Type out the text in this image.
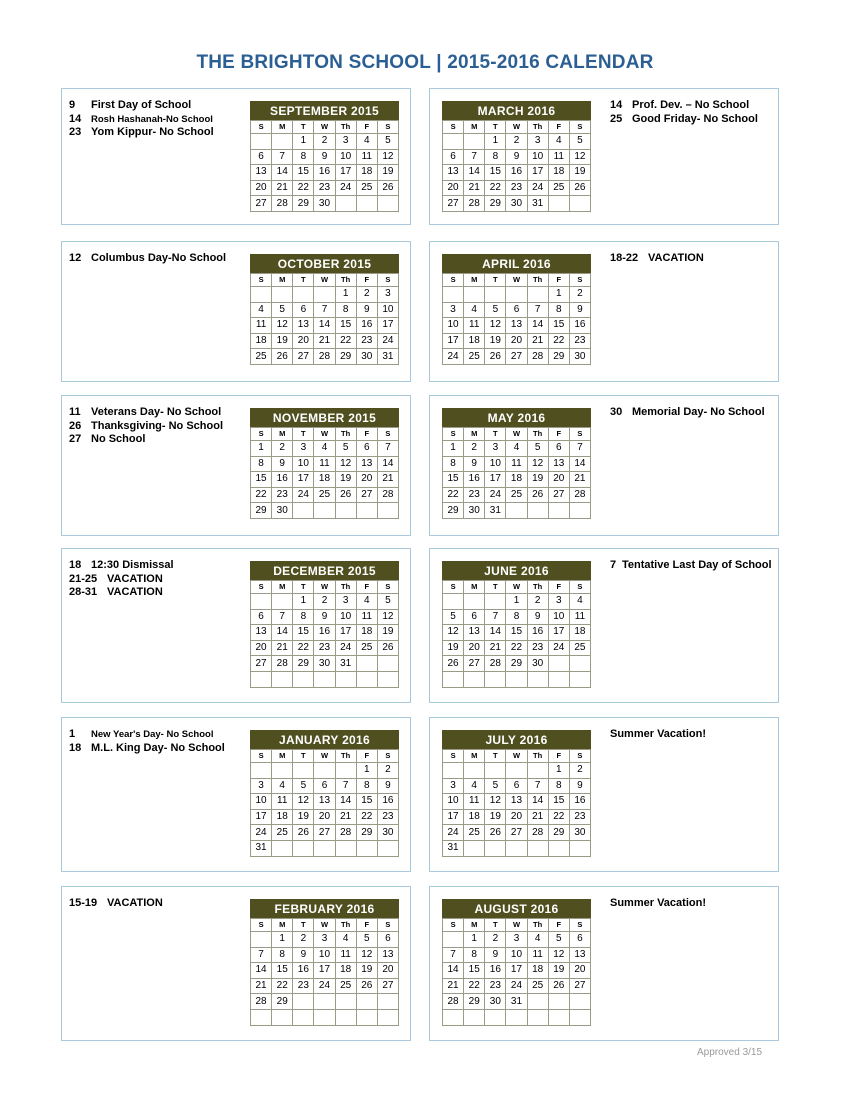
THE BRIGHTON SCHOOL | 2015-2016 CALENDAR
9	First Day of School
14	Rosh Hashanah-No School
23 Yom Kippur- No School
SEPTEMBER 2015
S	M	T	W	Th	F	S
		1	2	3	4	5
6	7	8	9	10	11	12
13	14	15	16	17	18	19
20	21	22	23	24	25	26
27	28	29	30			
14 Prof. Dev. – No School
25 Good Friday- No School
MARCH 2016
S	M	T	W	Th	F	S
		1	2	3	4	5
6	7	8	9	10	11	12
13	14	15	16	17	18	19
20	21	22	23	24	25	26
27	28	29	30	31		
12 Columbus Day-No School	OCTOBER 2015
S	M	T	W	Th	F	S
				1	2	3
4	5	6	7	8	9	10
11	12	13	14	15	16	17
18	19	20	21	22	23	24
25	26	27	28	29	30	31
18-22 VACATION
APRIL 2016
S	M	T	W	Th	F	S
					1	2
3	4	5	6	7	8	9
10	11	12	13	14	15	16
17	18	19	20	21	22	23
24	25	26	27	28	29	30
11 Veterans Day- No School
26 Thanksgiving- No School
27 No School
NOVEMBER 2015
S	M	T	W	Th	F	S
1	2	3	4	5	6	7
8	9	10	11	12	13	14
15	16	17	18	19	20	21
22	23	24	25	26	27	28
29	30					
30 Memorial Day- No School
MAY 2016
S	M	T	W	Th	F	S
1	2	3	4	5	6	7
8	9	10	11	12	13	14
15	16	17	18	19	20	21
22	23	24	25	26	27	28
29	30	31				
18 12:30 Dismissal
21-25 VACATION
28-31 VACATION
DECEMBER 2015
S	M	T	W	Th	F	S
		1	2	3	4	5
6	7	8	9	10	11	12
13	14	15	16	17	18	19
20	21	22	23	24	25	26
27	28	29	30	31		

7 Tentative Last Day of School
JUNE 2016
S	M	T	W	Th	F	S
			1	2	3	4
5	6	7	8	9	10	11
12	13	14	15	16	17	18
19	20	21	22	23	24	25
26	27	28	29	30		

1	New Year's Day- No School
18 M.L. King Day- No School
JANUARY 2016
S	M	T	W	Th	F	S
					1	2
3	4	5	6	7	8	9
10	11	12	13	14	15	16
17	18	19	20	21	22	23
24	25	26	27	28	29	30
31						
Summer Vacation!
JULY 2016
S	M	T	W	Th	F	S
					1	2
3	4	5	6	7	8	9
10	11	12	13	14	15	16
17	18	19	20	21	22	23
24	25	26	27	28	29	30
31						
15-19 VACATION	FEBRUARY 2016
S	M	T	W	Th	F	S
	1	2	3	4	5	6
7	8	9	10	11	12	13
14	15	16	17	18	19	20
21	22	23	24	25	26	27
28	29					

Summer Vacation!
AUGUST 2016
S	M	T	W	Th	F	S
	1	2	3	4	5	6
7	8	9	10	11	12	13
14	15	16	17	18	19	20
21	22	23	24	25	26	27
28	29	30	31			

Approved 3/15
